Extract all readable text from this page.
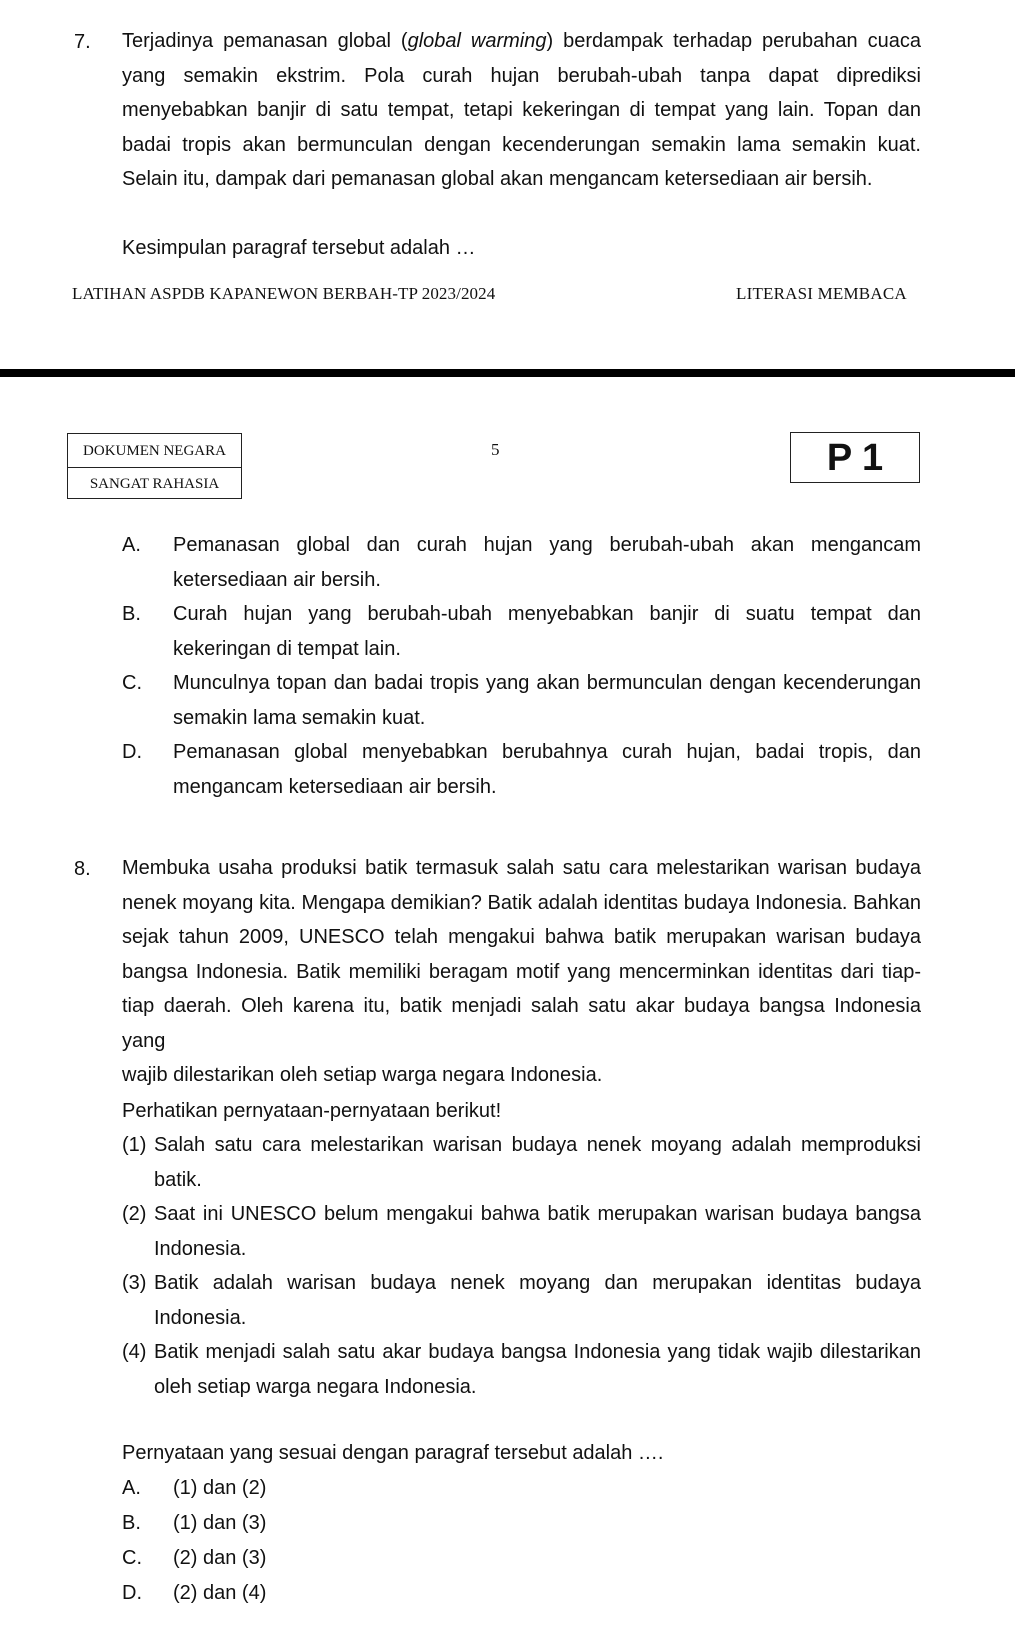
7. Terjadinya pemanasan global (global warming) berdampak terhadap perubahan cuaca
yang semakin ekstrim. Pola curah hujan berubah-ubah tanpa dapat diprediksi
menyebabkan banjir di satu tempat, tetapi kekeringan di tempat yang lain. Topan dan
badai tropis akan bermunculan dengan kecenderungan semakin lama semakin kuat.
Selain itu, dampak dari pemanasan global akan mengancam ketersediaan air bersih.
Kesimpulan paragraf tersebut adalah …
LATIHAN ASPDB KAPANEWON BERBAH-TP 2023/2024	LITERASI MEMBACA
DOKUMEN NEGARA
SANGAT RAHASIA
5	P 1
A. Pemanasan global dan curah hujan yang berubah-ubah akan mengancam
ketersediaan air bersih.
B. Curah hujan yang berubah-ubah menyebabkan banjir di suatu tempat dan
kekeringan di tempat lain.
C. Munculnya topan dan badai tropis yang akan bermunculan dengan kecenderungan
semakin lama semakin kuat.
D. Pemanasan global menyebabkan berubahnya curah hujan, badai tropis, dan
mengancam ketersediaan air bersih.
8. Membuka usaha produksi batik termasuk salah satu cara melestarikan warisan budaya
nenek moyang kita. Mengapa demikian? Batik adalah identitas budaya Indonesia. Bahkan
sejak tahun 2009, UNESCO telah mengakui bahwa batik merupakan warisan budaya
bangsa Indonesia. Batik memiliki beragam motif yang mencerminkan identitas dari tiap-
tiap daerah. Oleh karena itu, batik menjadi salah satu akar budaya bangsa Indonesia yang
wajib dilestarikan oleh setiap warga negara Indonesia.
Perhatikan pernyataan-pernyataan berikut!
(1) Salah satu cara melestarikan warisan budaya nenek moyang adalah memproduksi
batik.
(2) Saat ini UNESCO belum mengakui bahwa batik merupakan warisan budaya bangsa
Indonesia.
(3) Batik adalah warisan budaya nenek moyang dan merupakan identitas budaya
Indonesia.
(4) Batik menjadi salah satu akar budaya bangsa Indonesia yang tidak wajib dilestarikan
oleh setiap warga negara Indonesia.
Pernyataan yang sesuai dengan paragraf tersebut adalah ….
A. (1) dan (2)
B. (1) dan (3)
C. (2) dan (3)
D. (2) dan (4)
